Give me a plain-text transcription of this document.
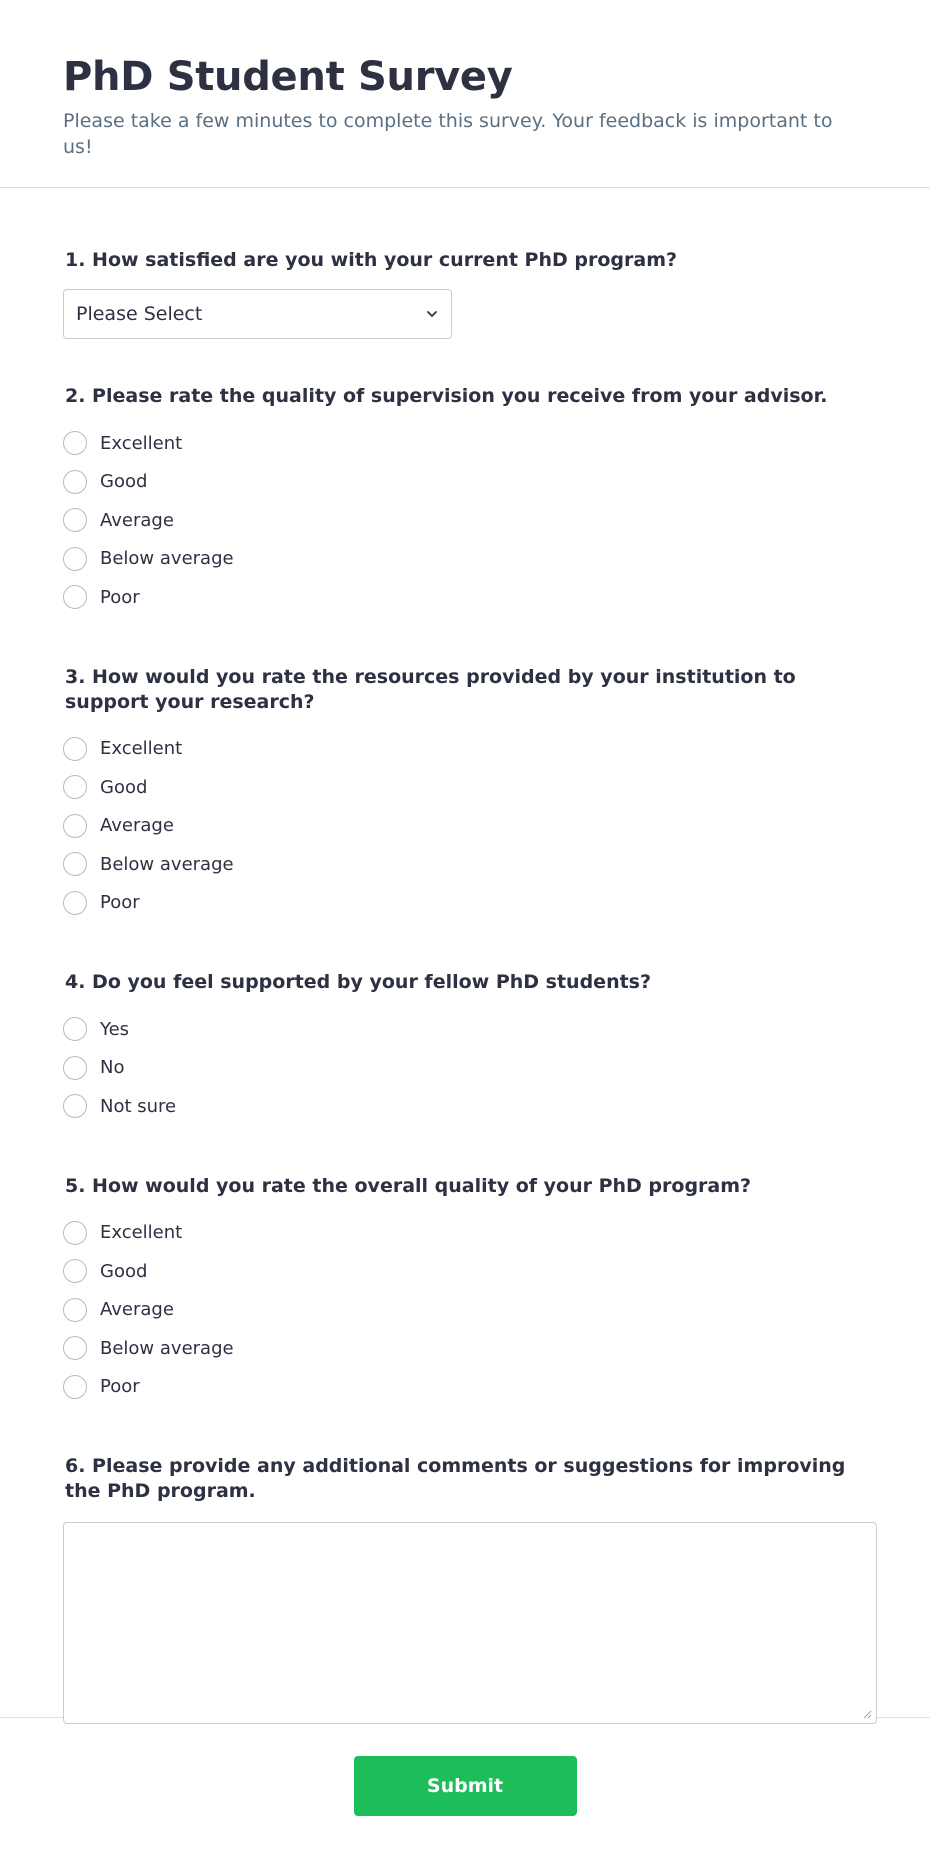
PhD Student Survey

Please take a few minutes to complete this survey. Your feedback is important to us!

1. How satisfied are you with your current PhD program?
Please Select
2. Please rate the quality of supervision you receive from your advisor.
Excellent
Good
Average
Below average
Poor
3. How would you rate the resources provided by your institution to support your research?
Excellent
Good
Average
Below average
Poor
4. Do you feel supported by your fellow PhD students?
Yes
No
Not sure
5. How would you rate the overall quality of your PhD program?
Excellent
Good
Average
Below average
Poor
6. Please provide any additional comments or suggestions for improving the PhD program.
Submit
